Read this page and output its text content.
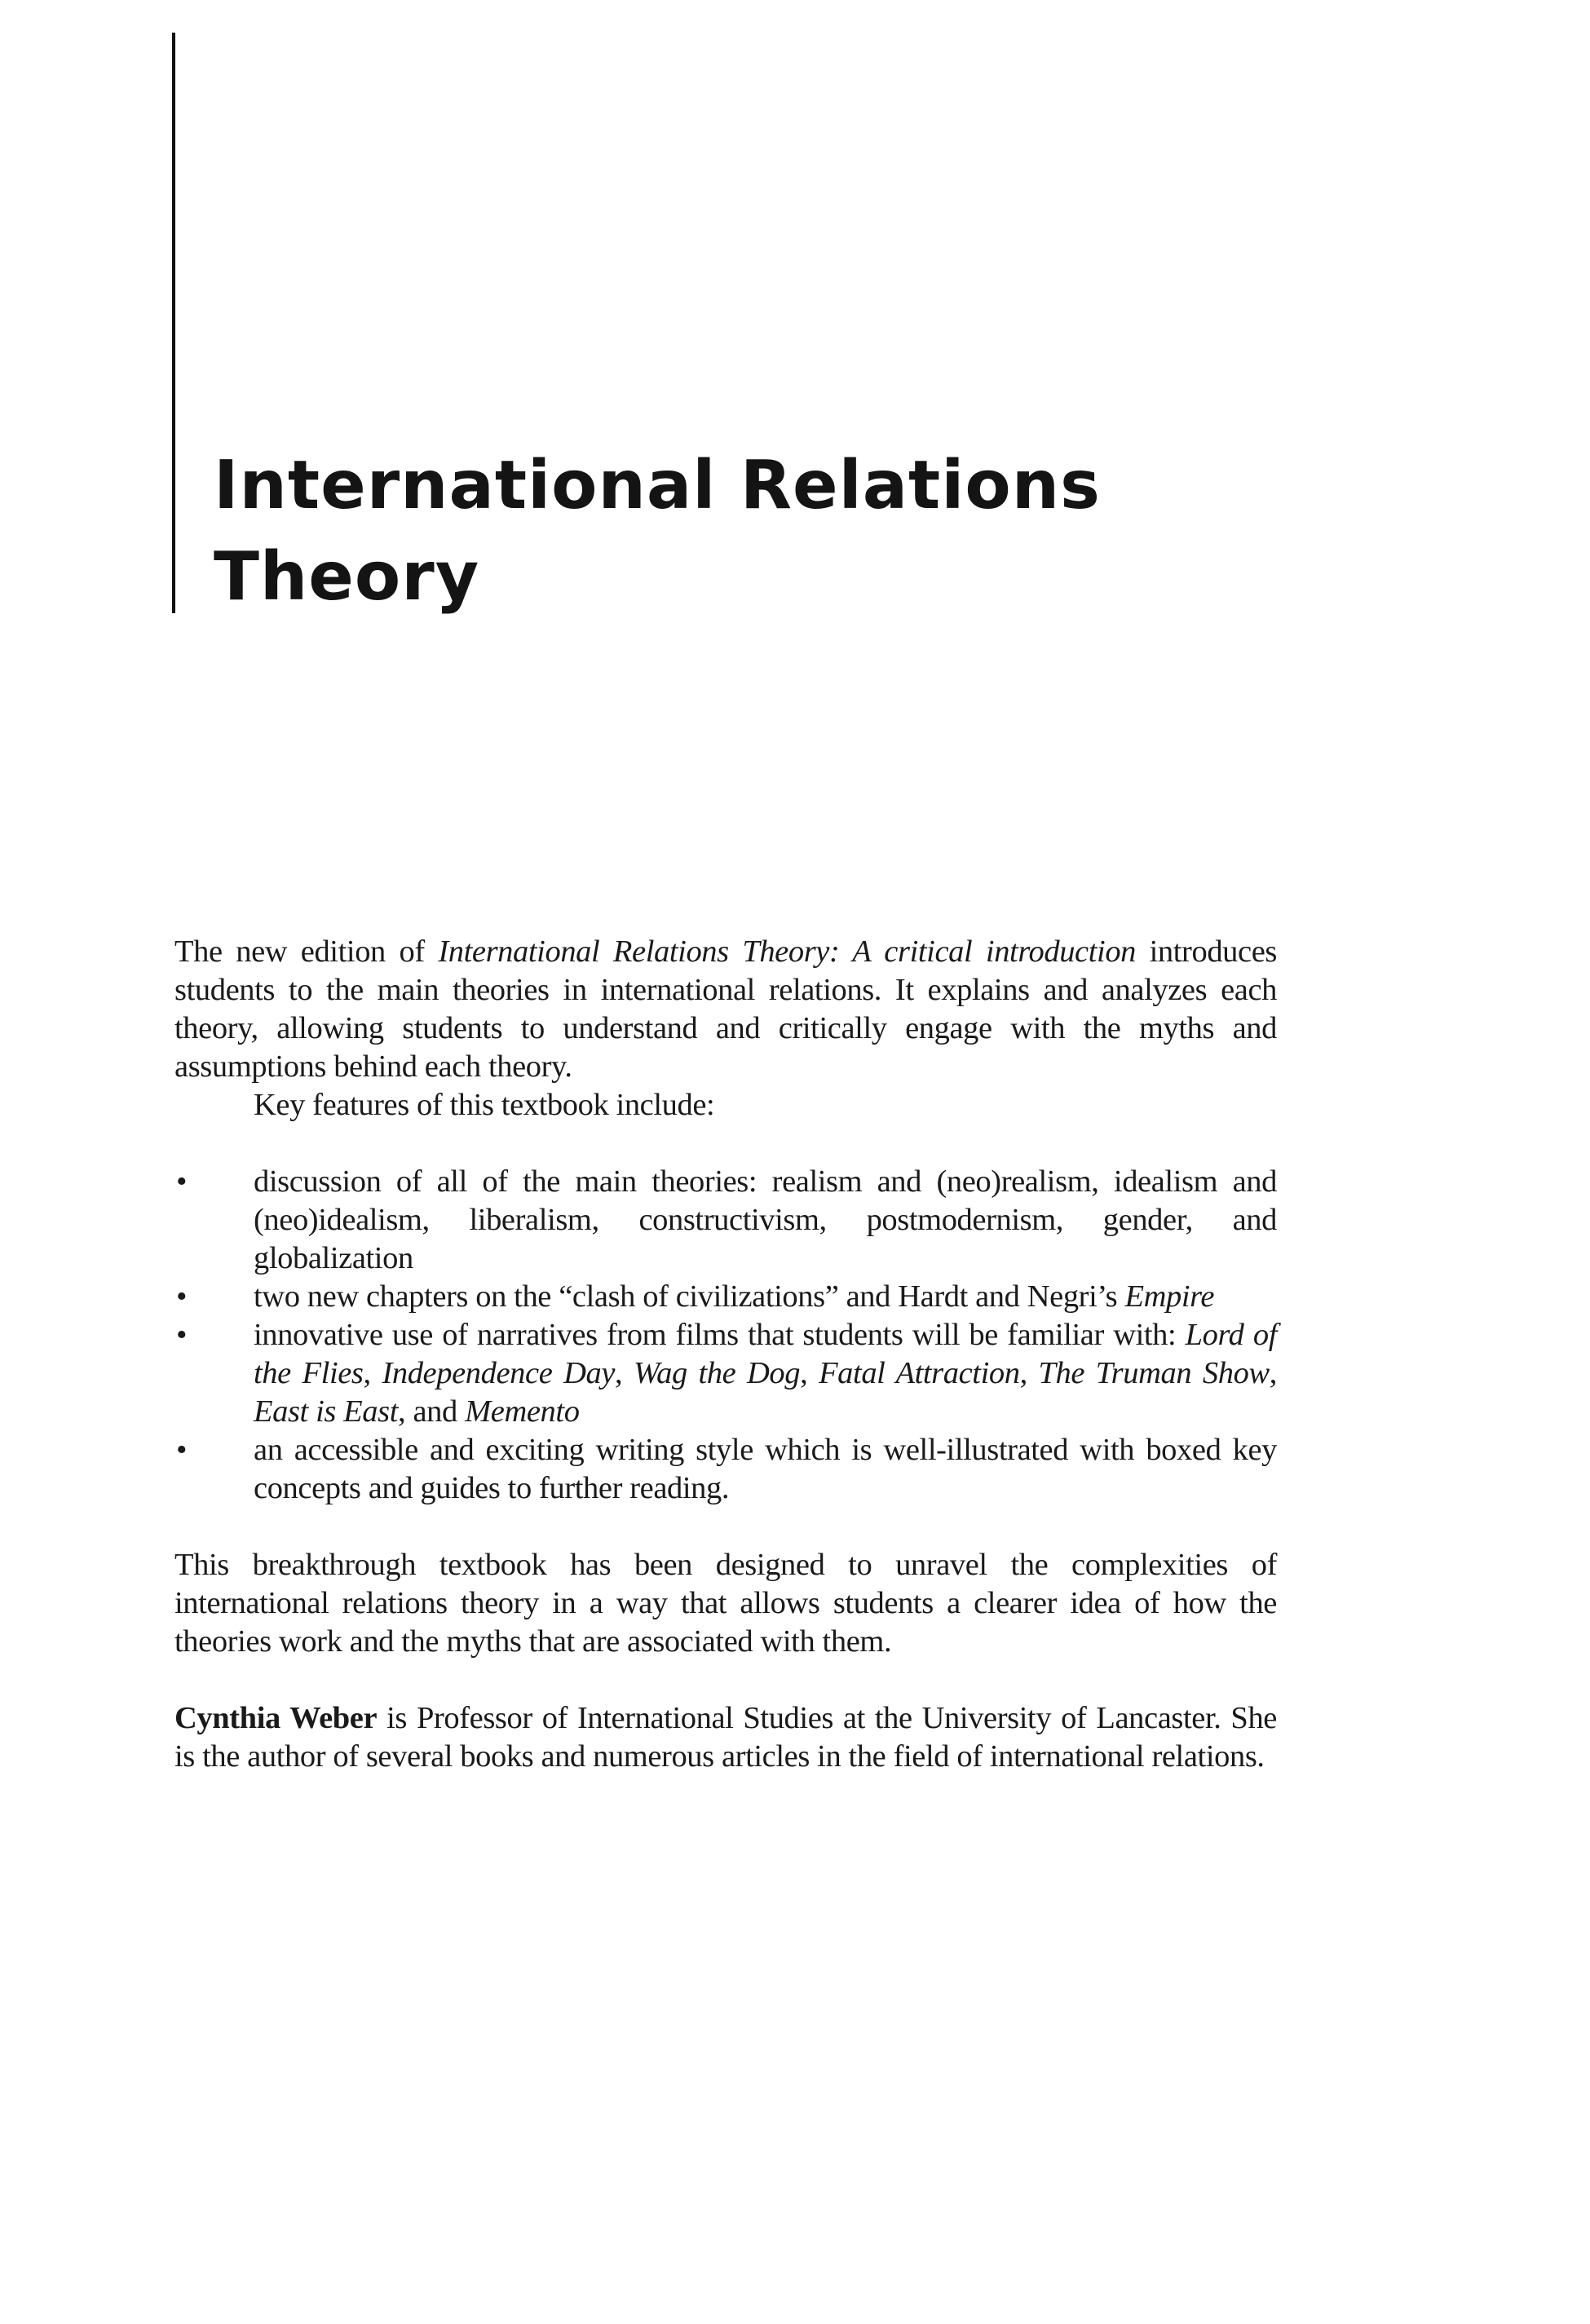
International Relations
Theory

The new edition of International Relations Theory: A critical introduction introduces students to the main theories in international relations. It explains and analyzes each theory, allowing students to understand and critically engage with the myths and assumptions behind each theory.

Key features of this textbook include:

• discussion of all of the main theories: realism and (neo)realism, idealism and (neo)idealism, liberalism, constructivism, postmodernism, gender, and globalization
• two new chapters on the “clash of civilizations” and Hardt and Negri’s Empire
• innovative use of narratives from films that students will be familiar with: Lord of the Flies, Independence Day, Wag the Dog, Fatal Attraction, The Truman Show, East is East, and Memento
• an accessible and exciting writing style which is well-illustrated with boxed key concepts and guides to further reading.

This breakthrough textbook has been designed to unravel the complexities of international relations theory in a way that allows students a clearer idea of how the theories work and the myths that are associated with them.

Cynthia Weber is Professor of International Studies at the University of Lancaster. She is the author of several books and numerous articles in the field of international relations.
